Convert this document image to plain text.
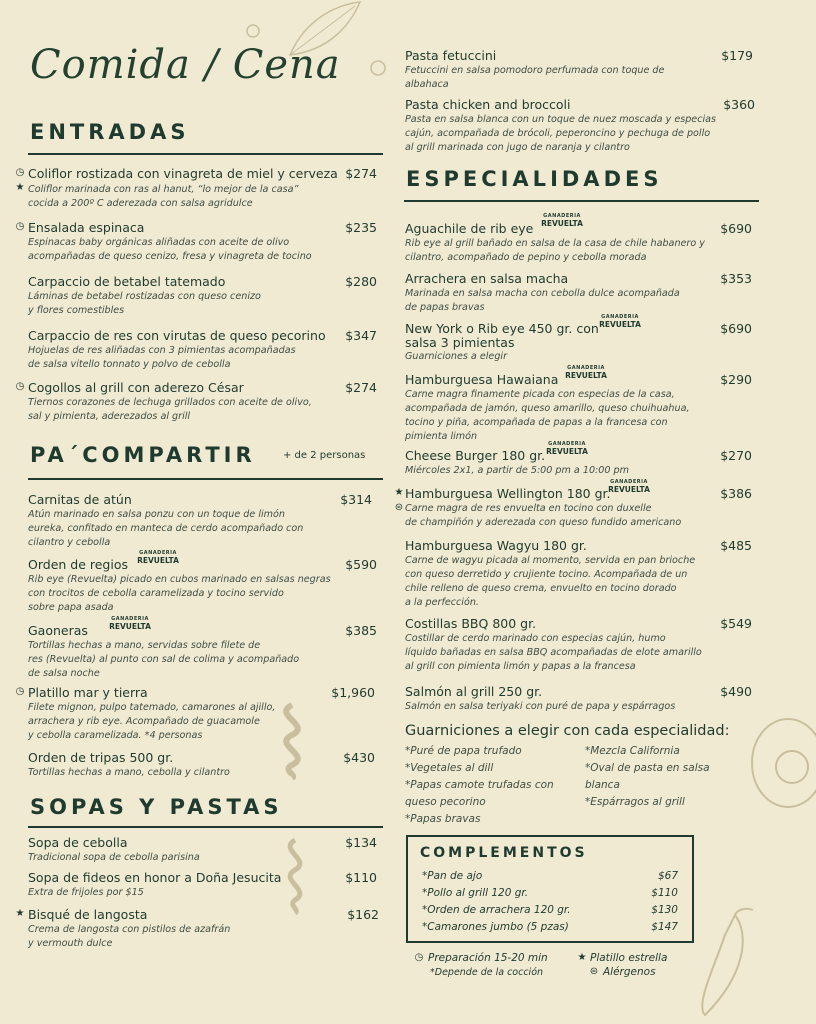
Comida / Cena
ENTRADAS
◷ Coliflor rostizada con vinagreta de miel y cerveza $274
★ Coliflor marinada con ras al hanut, “lo mejor de la casa”
cocida a 200º C aderezada con salsa agridulce
◷ Ensalada espinaca	$235
Espinacas baby orgánicas aliñadas con aceite de olivo
acompañadas de queso cenizo, fresa y vinagreta de tocino
Carpaccio de betabel tatemado	$280
Láminas de betabel rostizadas con queso cenizo
y flores comestibles
Carpaccio de res con virutas de queso pecorino	$347
Hojuelas de res aliñadas con 3 pimientas acompañadas
de salsa vitello tonnato y polvo de cebolla
◷ Cogollos al grill con aderezo César	$274
Tiernos corazones de lechuga grillados con aceite de olivo,
sal y pimienta, aderezados al grill
PA´COMPARTIR	+ de 2 personas
Carnitas de atún	$314
Atún marinado en salsa ponzu con un toque de limón
eureka, confitado en manteca de cerdo acompañado con
cilantro y cebolla
Orden de regios
GANADERIA
REVUELTA	$590
Rib eye (Revuelta) picado en cubos marinado en salsas negras
con trocitos de cebolla caramelizada y tocino servido
sobre papa asada
Gaoneras
GANADERIA
REVUELTA	$385
Tortillas hechas a mano, servidas sobre filete de
res (Revuelta) al punto con sal de colima y acompañado
de salsa noche
◷ Platillo mar y tierra	$1,960
Filete mignon, pulpo tatemado, camarones al ajillo,
arrachera y rib eye. Acompañado de guacamole
y cebolla caramelizada. *4 personas
Orden de tripas 500 gr.	$430
Tortillas hechas a mano, cebolla y cilantro
SOPAS Y PASTAS
Sopa de cebolla	$134
Tradicional sopa de cebolla parisina
Sopa de fideos en honor a Doña Jesucita	$110
Extra de frijoles por $15
★ Bisqué de langosta	$162
Crema de langosta con pistilos de azafrán
y vermouth dulce
Pasta fetuccini	$179
Fetuccini en salsa pomodoro perfumada con toque de
albahaca
Pasta chicken and broccoli	$360
Pasta en salsa blanca con un toque de nuez moscada y especias
cajún, acompañada de brócoli, peperoncino y pechuga de pollo
al grill marinada con jugo de naranja y cilantro
ESPECIALIDADES
Aguachile de rib eye
GANADERIA
REVUELTA	$690
Rib eye al grill bañado en salsa de la casa de chile habanero y
cilantro, acompañado de pepino y cebolla morada
Arrachera en salsa macha	$353
Marinada en salsa macha con cebolla dulce acompañada
de papas bravas
New York o Rib eye 450 gr. con
salsa 3 pimientas
GANADERIA
REVUELTA	$690
Guarniciones a elegir
Hamburguesa Hawaiana
GANADERIA
REVUELTA	$290
Carne magra finamente picada con especias de la casa,
acompañada de jamón, queso amarillo, queso chuihuahua,
tocino y piña, acompañada de papas a la francesa con
pimienta limón
Cheese Burger 180 gr.
GANADERIA
REVUELTA	$270
Miércoles 2x1, a partir de 5:00 pm a 10:00 pm
★ Hamburguesa Wellington 180 gr.
GANADERIA
REVUELTA	$386
⊜ Carne magra de res envuelta en tocino con duxelle
de champiñón y aderezada con queso fundido americano
Hamburguesa Wagyu 180 gr.	$485
Carne de wagyu picada al momento, servida en pan brioche
con queso derretido y crujiente tocino. Acompañada de un
chile relleno de queso crema, envuelto en tocino dorado
a la perfección.
Costillas BBQ 800 gr.	$549
Costillar de cerdo marinado con especias cajún, humo
líquido bañadas en salsa BBQ acompañadas de elote amarillo
al grill con pimienta limón y papas a la francesa
Salmón al grill 250 gr.	$490
Salmón en salsa teriyaki con puré de papa y espárragos
Guarniciones a elegir con cada especialidad:
*Puré de papa trufado
*Vegetales al dill
*Papas camote trufadas con
queso pecorino
*Papas bravas
*Mezcla California
*Oval de pasta en salsa
blanca
*Espárragos al grill
COMPLEMENTOS
*Pan de ajo	$67
*Pollo al grill 120 gr.	$110
*Orden de arrachera 120 gr.	$130
*Camarones jumbo (5 pzas)	$147
◷ Preparación 15-20 min
*Depende de la cocción
★ Platillo estrella
⊜ Alérgenos
